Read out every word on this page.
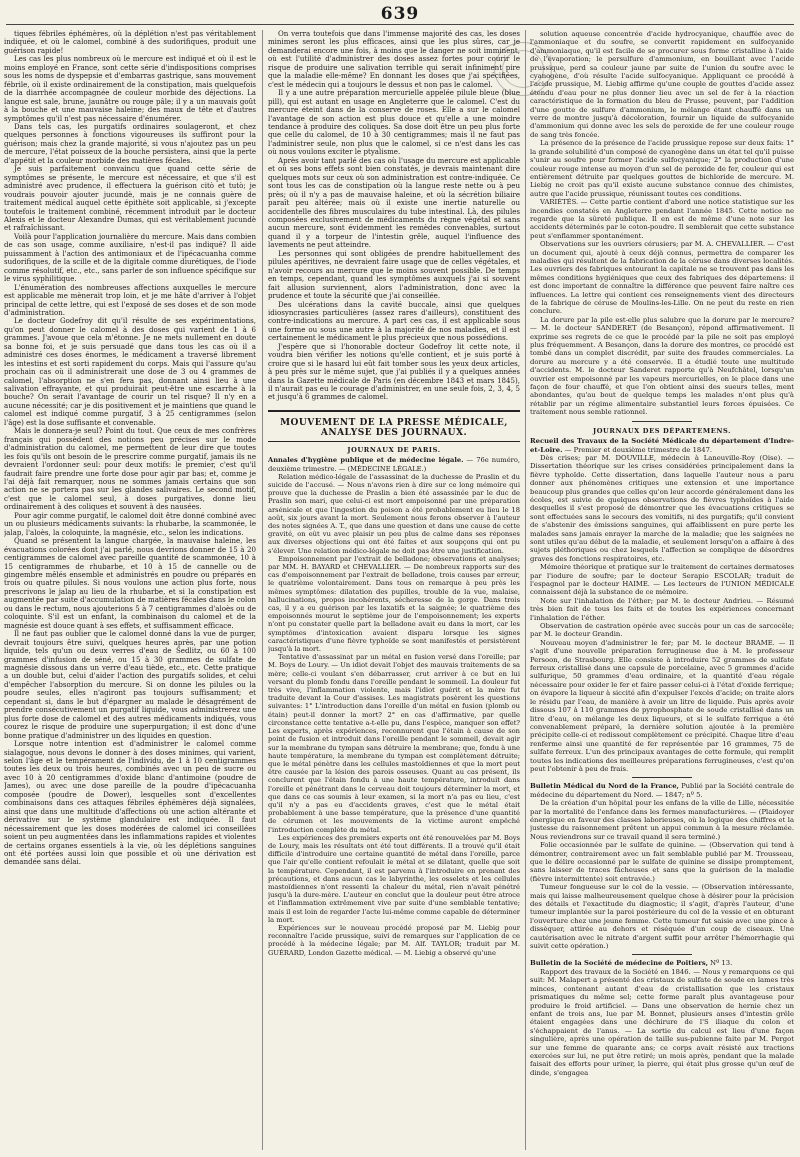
639

tiques fébriles éphémères, où la déplétion n'est pas véritablement indiquée, et où le calomel, combiné à des sudorifiques, produit une guérison rapide!

Les cas les plus nombreux où le mercure est indiqué et où il est le moins employé en France, sont cette série d'indispositions comprises sous les noms de dyspepsie et d'embarras gastrique, sans mouvement fébrile, où il existe ordinairement de la constipation, mais quelquefois de la diarrhée accompagnée de couleur morbide des déjections. La langue est sale, brune, jaunâtre ou rouge pâle; il y a un mauvais goût à la bouche et une mauvaise haleine; des maux de tête et d'autres symptômes qu'il n'est pas nécessaire d'énumérer.

Dans tels cas, les purgatifs ordinaires soulageront, et chez quelques personnes à fonctions vigoureuses ils suffiront pour la guérison; mais chez la grande majorité, si vous n'ajoutez pas un peu de mercure, l'état poisseux de la bouche persistera, ainsi que la perte d'appétit et la couleur morbide des matières fécales.

Je suis parfaitement convaincu que quand cette série de symptômes se présente, le mercure est nécessaire, et que s'il est administré avec prudence, il effectuera la guérison citò et tutò; je voudrais pouvoir ajouter jucundè, mais je ne connais guère de traitement médical auquel cette épithète soit applicable, si j'excepte toutefois le traitement combiné, récemment introduit par le docteur Alexis et le docteur Alexandre Dumas, qui est véritablement jucundè et rafraîchissant.

Voilà pour l'application journalière du mercure. Mais dans combien de cas son usage, comme auxiliaire, n'est-il pas indiqué? Il aide puissamment à l'action des antimoniaux et de l'ipécacuanha comme sudorifiques, de la scille et de la digitale comme diurétiques, de l'iode comme résolutif, etc., etc., sans parler de son influence spécifique sur le virus syphilitique.

L'énumération des nombreuses affections auxquelles le mercure est applicable me mènerait trop loin, et je me hâte d'arriver à l'objet principal de cette lettre, qui est l'exposé de ses doses et de son mode d'administration.

Le docteur Godefroy dit qu'il résulte de ses expérimentations, qu'on peut donner le calomel à des doses qui varient de 1 à 6 grammes. J'avoue que cela m'étonne. Je ne mets nullement en doute sa bonne foi, et je suis persuadé que dans tous les cas où il a administré ces doses énormes, le médicament a traversé librement les intestins et est sorti rapidement du corps. Mais qui l'assure qu'au prochain cas où il administrerait une dose de 3 ou 4 grammes de calomel, l'absorption ne s'en fera pas, donnant ainsi lieu à une salivation effrayante, et qui produirait peut-être une escarrhe à la bouche? On serait l'avantage de courir un tel risque? Il n'y en a aucune nécessité; car je dis positivement et je maintiens que quand le calomel est indiqué comme purgatif, 3 à 25 centigrammes (selon l'âge) est la dose suffisante et convenable.

Mais le donnera-je seul? Point du tout. Que ceux de mes confrères français qui possèdent des notions peu précises sur le mode d'administration du calomel, me permettent de leur dire que toutes les fois qu'ils ont besoin de le prescrire comme purgatif, jamais ils ne devraient l'ordonner seul: pour deux motifs: le premier, c'est qu'il faudrait faire prendre une forte dose pour agir par bas; et, comme je l'ai déjà fait remarquer, nous ne sommes jamais certains que son action ne se portera pas sur les glandes salivaires. Le second motif, c'est que le calomel seul, à doses purgatives, donne lieu ordinairement à des coliques et souvent à des nausées.

Pour agir comme purgatif, le calomel doit être donné combiné avec un ou plusieurs médicaments suivants: la rhubarbe, la scammonée, le jalap, l'aloès, la coloquinte, la magnésie, etc., selon les indications.

Quand se présentent la langue chargée, la mauvaise haleine, les évacuations colorées dont j'ai parlé, nous devrions donner de 15 à 20 centigrammes de calomel avec pareille quantité de scammonée, 10 à 15 centigrammes de rhubarbe, et 10 à 15 de cannelle ou de gingembre mêlés ensemble et administrés en poudre ou préparés en trois ou quatre pilules. Si nous voulons une action plus forte, nous prescrivons le jalap au lieu de la rhubarbe, et si la constipation est augmentée par suite d'accumulation de matières fécales dans le colon ou dans le rectum, nous ajouterions 5 à 7 centigrammes d'aloès ou de coloquinte. S'il est un enfant, la combinaison du calomel et de la magnésie est douce quant à ses effets, et suffisamment efficace.

Il ne faut pas oublier que le calomel donné dans la vue de purger, devrait toujours être suivi, quelques heures après, par une potion liquide, tels qu'un ou deux verres d'eau de Sedlitz, ou 60 à 100 grammes d'infusion de séné, ou 15 à 30 grammes de sulfate de magnésie dissous dans un verre d'eau tiède, etc., etc. Cette pratique a un double but, celui d'aider l'action des purgatifs solides, et celui d'empêcher l'absorption du mercure. Si on donne les pilules ou la poudre seules, elles n'agiront pas toujours suffisamment; et cependant si, dans le but d'épargner au malade le désagrément de prendre consécutivement un purgatif liquide, vous administrerez une plus forte dose de calomel et des autres médicaments indiqués, vous courez le risque de produire une superpurgation; il est donc d'une bonne pratique d'administrer un des liquides en question.

Lorsque notre intention est d'administrer le calomel comme sialagogue, nous devons le donner à des doses minimes, qui varient, selon l'âge et le tempérament de l'individu, de 1 à 10 centigrammes toutes les deux ou trois heures, combinés avec un peu de sucre ou avec 10 à 20 centigrammes d'oxide blanc d'antimoine (poudre de James), ou avec une dose pareille de la poudre d'ipécacuanha composée (poudre de Dower), lesquelles sont d'excellentes combinaisons dans ces attaques fébriles éphémères déjà signalées, ainsi que dans une multitude d'affections où une action altérante et dérivative sur le système glandulaire est indiquée. Il faut nécessairement que les doses modérées de calomel ici conseillées soient un peu augmentées dans les inflammations rapides et violentes de certains organes essentiels à la vie, où les déplétions sanguines ont été portées aussi loin que possible et où une dérivation est demandée sans délai.

On verra toutefois que dans l'immense majorité des cas, les doses minimes seront les plus efficaces, ainsi que les plus sûres, car je demanderai encore une fois, à moins que le danger ne soit imminent, où est l'utilité d'administrer des doses assez fortes pour courir le risque de produire une salivation terrible qui serait infiniment pire que la maladie elle-même? En donnant les doses que j'ai spécifiées, c'est le médecin qui a toujours le dessus et non pas le calomel.

Il y a une autre préparation mercurielle appelée pilule bleue (blue pill), qui est autant en usage en Angleterre que le calomel. C'est du mercure éteint dans de la conserve de roses. Elle a sur le calomel l'avantage de son action est plus douce et qu'elle a une moindre tendance à produire des coliques. Sa dose doit être un peu plus forte que celle du calomel, de 10 à 30 centigrammes; mais il ne faut pas l'administrer seule, non plus que le calomel, si ce n'est dans les cas où nous voulons exciter le ptyalisme.

Après avoir tant parlé des cas où l'usage du mercure est applicable et où ses bons effets sont bien constatés, je devrais maintenant dire quelques mots sur ceux où son administration est contre-indiquée. Ce sont tous les cas de constipation où la langue reste nette ou à peu près; où il n'y a pas de mauvaise haleine, et où la sécrétion biliaire paraît peu altérée; mais où il existe une inertie naturelle ou accidentelle des fibres musculaires du tube intestinal. Là, des pilules composées exclusivement de médicaments du règne végétal et sans aucun mercure, sont évidemment les remèdes convenables, surtout quand il y a torpeur de l'intestin grêle, auquel l'influence des lavements ne peut atteindre.

Les personnes qui sont obligées de prendre habituellement des pilules apéritives, ne devraient faire usage que de celles végétales, et n'avoir recours au mercure que le moins souvent possible. De temps en temps, cependant, quand les symptômes auxquels j'ai si souvent fait allusion surviennent, alors l'administration, donc avec la prudence et toute la sécurité que j'ai conseillée.

Des ulcérations dans la cavité buccale, ainsi que quelques idiosyncrasies particulières (assez rares d'ailleurs), constituent des contre-indications au mercure. A part ces cas, il est applicable sous une forme ou sous une autre à la majorité de nos maladies, et il est certainement le médicament le plus précieux que nous possédions.

J'espère que si l'honorable docteur Godefroy lit cette note, il voudra bien vérifier les notions qu'elle contient, et je suis porté à croire que si le hasard lui eût fait tomber sous les yeux deux articles, à peu près sur le même sujet, que j'ai publiés il y a quelques années dans la Gazette médicale de Paris (en décembre 1843 et mars 1845), il n'aurait pas eu le courage d'administrer, en une seule fois, 2, 3, 4, 5 et jusqu'à 6 grammes de calomel.

MOUVEMENT DE LA PRESSE MÉDICALE, ANALYSE DES JOURNAUX.
JOURNAUX DE PARIS.

Annales d'hygiène publique et de médecine légale. — 76e numéro, deuxième trimestre. — (MÉDECINE LÉGALE.)

Relation médico-légale de l'assassinat de la duchesse de Praslin et du suicide de l'accusé. — Nous n'avons rien à dire sur ce long mémoire qui prouve que la duchesse de Praslin a bien été assassinée par le duc de Praslin son mari, que celui-ci est mort empoisonné par une préparation arsénicale et que l'ingestion du poison a été probablement eu lieu le 18 août, six jours avant la mort. Seulement nous ferons observer à l'auteur des notes signées A. T., que dans une question et dans une cause de cette gravité, on eût vu avec plaisir un peu plus de calme dans ses réponses aux diverses objections qui ont été faites et aux soupçons qui ont pu s'élever. Une relation médico-légale ne doit pas être une justification.

Empoisonnement par l'extrait de belladone; observations et analyses; par MM. H. BAYARD et CHEVALLIER. — De nombreux rapports sur des cas d'empoisonnement par l'extrait de belladone, trois causes par erreur, le quatrième volontairement. Dans tous on remarque à peu près les mêmes symptômes: dilatation des pupilles, trouble de la vue, malaise, hallucinations, propos incohérents, sécheresse de la gorge. Dans trois cas, il y a eu guérison par les laxatifs et la saignée; le quatrième des empoisonnés mourut le septième jour de l'empoisonnement; les experts n'ont pu constater quelle part la belladone avait eu dans la mort, car les symptômes d'intoxication avaient disparu lorsque les signes caractéristiques d'une fièvre typhoïde se sont manifestés et persistèrent jusqu'à la mort.

Tentative d'assassinat par un métal en fusion versé dans l'oreille; par M. Boys de Loury. — Un idiot devait l'objet des mauvais traitements de sa mère; celle-ci voulant s'en débarrasser, crut arriver à ce but en lui versant du plomb fondu dans l'oreille pendant le sommeil. La douleur fut très vive, l'inflammation violente, mais l'idiot guérit et la mère fut traduite devant la Cour d'assises. Les magistrats posèrent les questions suivantes: 1° L'introduction dans l'oreille d'un métal en fusion (plomb ou étain) peut-il donner la mort? 2° en cas d'affirmative, par quelle circonstance cette tentative a-t-elle pu, dans l'espèce, manquer son effet? Les experts, après expériences, reconnurent que l'étain à cause de son point de fusion et introduit dans l'oreille pendant le sommeil, devait agir sur la membrane du tympan sans détruire la membrane; que, fondu à une haute température, la membrane du tympan est complètement détruite; que le métal pénètre dans les cellules mastoïdiennes et que la mort peut être causée par la lésion des parois osseuses. Quant au cas présent, ils conclurent que l'étain fondu à une haute température, introduit dans l'oreille et pénétrant dans le cerveau doit toujours déterminer la mort, et que dans ce cas soumis à leur examen, si la mort n'a pas eu lieu, c'est qu'il n'y a pas eu d'accidents graves, c'est que le métal était probablement à une basse température, que la présence d'une quantité de cérumen et les mouvements de la victime auront empêché l'introduction complète du métal.

Les expériences des premiers experts ont été renouvelées par M. Boys de Loury, mais les résultats ont été tout différents. Il a trouvé qu'il était difficile d'introduire une certaine quantité de métal dans l'oreille, parce que l'air qu'elle contient refoulait le métal et se dilatant, quelle que soit la température. Cependant, il est parvenu à l'introduire en prenant des précautions, et dans aucun cas le labyrinthe, les osselets et les cellules mastoïdiennes n'ont ressenti la chaleur du métal, rien n'avait pénétré jusqu'à la dure-mère. L'auteur en conclut que la douleur peut être atroce et l'inflammation extrêmement vive par suite d'une semblable tentative; mais il est loin de regarder l'acte lui-même comme capable de déterminer la mort.

Expériences sur le nouveau procédé proposé par M. Liebig pour reconnaître l'acide prussique, suivi de remarques sur l'application de ce procédé à la médecine légale; par M. Alf. TAYLOR; traduit par M. GUÉRARD, London Gazette médical. — M. Liebig a observé qu'une

solution aqueuse concentrée d'acide hydrocyanique, chauffée avec de l'ammoniaque et du soufre, se convertit rapidement en sulfocyanide d'ammoniaque, qu'il est facile de se procurer sous forme cristalline à l'aide de l'évaporation; le persulfure d'ammonium, en bouillant avec l'acide prussique, perd sa couleur jaune par suite de l'union du soufre avec le cyanogène, d'où résulte l'acide sulfocyanique. Appliquant ce procédé à l'acide prussique, M. Liebig affirme qu'une couple de gouttes d'acide assez étendu d'eau pour ne plus donner lieu avec un sel de fer à la réaction caractéristique de la formation du bleu de Prusse, peuvent, par l'addition d'une goutte de sulfure d'ammonium, le mélange étant chauffé dans un verre de montre jusqu'à décoloration, fournir un liquide de sulfocyanide d'ammonium qui donne avec les sels de peroxide de fer une couleur rouge de sang très foncée.

La présence de la présence de l'acide prussique repose sur deux faits: 1° la grande solubilité d'un composé de cyanogène dans un état tel qu'il puisse s'unir au soufre pour former l'acide sulfocyanique; 2° la production d'une couleur rouge intense au moyen d'un sel de peroxide de fer, couleur qui est entièrement détruite par quelques gouttes de bichloride de mercure. M. Liebig ne croit pas qu'il existe aucune substance connue des chimistes, autre que l'acide prussique, réunissant toutes ces conditions.

VARIÉTÉS. — Cette partie contient d'abord une notice statistique sur les incendies constatés en Angleterre pendant l'année 1845. Cette notice ne regarde que la sûreté publique. Il en est de même d'une note sur les accidents déterminés par le coton-poudre. Il semblerait que cette substance peut s'enflammer spontanément.

Observations sur les ouvriers cérusiers; par M. A. CHEVALLIER. — C'est un document qui, ajouté à ceux déjà connus, permettra de comparer les maladies qui résultent de la fabrication de la céruse dans diverses localités. Les ouvriers des fabriques entourant la capitale ne se trouvent pas dans les mêmes conditions hygiéniques que ceux des fabriques des départemens: il est donc important de connaître la différence que peuvent faire naître ces influences. La lettre qui contient ces renseignements vient des directeurs de la fabrique de céruse de Moulins-les-Lille. On ne peut du reste en rien conclure.

La dorure par la pile est-elle plus salubre que la dorure par le mercure? — M. le docteur SANDERET (de Besançon), répond affirmativement. Il exprime ses regrets de ce que le procédé par la pile ne soit pas employé plus fréquemment. A Besançon, dans la dorure des montres, ce procédé est tombé dans un complet discrédit, par suite des fraudes commerciales. La dorure au mercure y a été conservée. Il a étudié toute une multitude d'accidents. M. le docteur Sanderet rapporte qu'à Neufchâtel, lorsqu'un ouvrier est empoisonné par les vapeurs mercurielles, on le place dans une façon de four chauffé, et que l'on obtient ainsi des sueurs telles, ment abondantes, qu'au bout de quelque temps les malades n'ont plus qu'à rétablir par un régime alimentaire substantiel leurs forces épuisées. Ce traitement nous semble rationnel.

JOURNAUX DES DÉPARTEMENS.

Recueil des Travaux de la Société Médicale du département d'Indre-et-Loire. — Premier et deuxième trimestre de 1847.

Dès crises; par M. DOUVILLE, médecin à Laneuville-Roy (Oise). — Dissertation théorique sur les crises considérées principalement dans la fièvre typhoïde. Cette dissertation, dans laquelle l'auteur nous a paru donner aux phénomènes critiques une extension et une importance beaucoup plus grandes que celles qu'on leur accorde généralement dans les écoles, est suivie de quelques observations de fièvres typhoïdes à l'aide desquelles il s'est proposé de démontrer que les évacuations critiques se sont effectuées sans le secours des vomitifs, ni des purgatifs; qu'il convient de s'abstenir des émissions sanguines, qui affaiblissent en pure perte les malades sans jamais enrayer la marche de la maladie; que les saignées ne sont utiles qu'au début de la maladie, et seulement lorsqu'on a affaire à des sujets pléthoriques ou chez lesquels l'affection se complique de désordres graves des fonctions respiratoires, etc.

Mémoire théorique et pratique sur le traitement de certaines dermatoses par l'iodure de soufre; par le docteur Serapio ESCOLAR; traduit de l'espagnol par le docteur HAIME. — Les lecteurs de l'UNION MÉDICALE connaissent déjà la substance de ce mémoire.

Note sur l'inhalation de l'éther; par M. le docteur Andrieu. — Résumé très bien fait de tous les faits et de toutes les expériences concernant l'inhalation de l'éther.

Observation de castration opérée avec succès pour un cas de sarcocèle; par M. le docteur Grandin.

Nouveau moyen d'administrer le fer; par M. le docteur BRAME. — Il s'agit d'une nouvelle préparation ferrugineuse due à M. le professeur Persoon, de Strasbourg. Elle consiste à introduire 52 grammes de sulfate ferreux cristallisé dans une capsule de porcelaine, avec 5 grammes d'acide sulfurique, 50 grammes d'eau ordinaire, et la quantité d'eau régale nécessaire pour oxider le fer et faire passer celui-ci à l'état d'oxide ferrique; on évapore la liqueur à siccité afin d'expulser l'excès d'acide; on traite alors le résidu par l'eau, de manière à avoir un litre de liquide. Puis après avoir dissous 107 à 110 grammes de pyrophosphate de soude cristallisé dans un litre d'eau, on mélange les deux liqueurs, et si le sulfate ferrique a été convenablement préparé, la dernière solution ajoutée à la première précipite celle-ci et redissout complètement ce précipité. Chaque litre d'eau renferme ainsi une quantité de fer représentée par 16 grammes, 75 de sulfate ferreux. L'un des principaux avantages de cette formule, qui remplit toutes les indications des meilleures préparations ferrugineuses, c'est qu'on peut l'obtenir à peu de frais.

Bulletin Médical du Nord de la France, Publié par la Société centrale de médecine du département du Nord. — 1847; nº 5.

De la création d'un hôpital pour les enfans de la ville de Lille, nécessitée par la mortalité de l'enfance dans les fermes manufacturières. — (Plaidoyer énergique en faveur des classes laborieuses, où la logique des chiffres et la justesse du raisonnement prêtent un appui commun à la mesure réclamée. Nous reviendrons sur ce travail quand il sera terminé.)

Folie occasionnée par le sulfate de quinine. — (Observation qui tend à démontrer, contrairement avec un fait semblable publié par M. Trousseau, que le délire occasionné par le sulfate de quinine se dissipe promptement, sans laisser de traces fâcheuses et sans que la guérison de la maladie (fièvre intermittente) soit entravée.)

Tumeur fongueuse sur le col de la vessie. — (Observation intéressante, mais qui laisse malheureusement quelque chose à désirer pour la précision des détails et l'exactitude du diagnostic; il s'agit, d'après l'auteur, d'une tumeur implantée sur la paroi postérieure du col de la vessie et en obturant l'ouverture chez une jeune femme. Cette tumeur fut saisie avec une pince à dissèquer, attirée au dehors et réséquée d'un coup de ciseaux. Une cautérisation avec le nitrate d'argent suffit pour arrêter l'hémorrhagie qui suivit cette opération.)

Bulletin de la Société de médecine de Poitiers, Nº 13.

Rapport des travaux de la Société en 1846. — Nous y remarquons ce qui suit: M. Malapert a présenté des cristaux de sulfate de soude en lames très minces, contenant autant d'eau de cristallisation que les cristaux prismatiques du même sel; cette forme paraît plus avantageuse pour produire le froid artificiel. — Dans une observation de hernie chez un enfant de trois ans, lue par M. Bonnet, plusieurs anses d'intestin grêle étaient engagées dans une déchirure de l'S iliaque du colon et s'échappaient de l'anus. — La sortie du calcul est lieu d'une façon singulière, après une opération de taille sus-pubienne faite par M. Pergot sur une femme de quarante ans; ce corps avait résisté aux tractions exercées sur lui, ne put être retiré; un mois après, pendant que la malade faisait des efforts pour uriner, la pierre, qui était plus grosse qu'un œuf de dinde, s'engagea
